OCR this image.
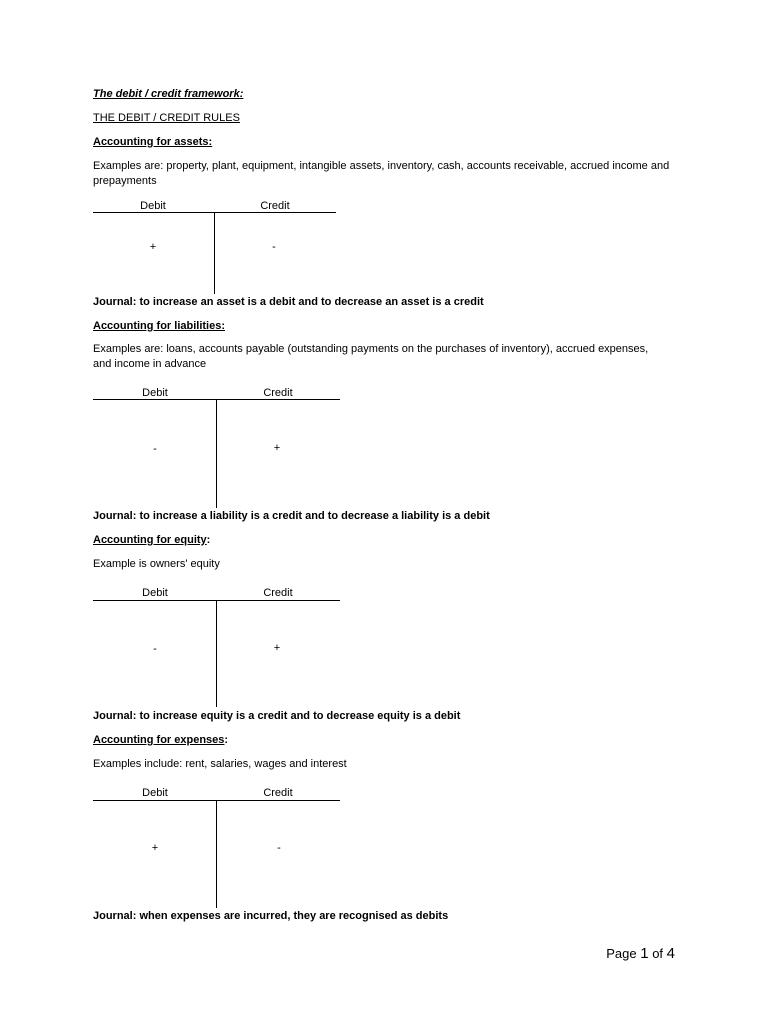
The debit / credit framework:
THE DEBIT / CREDIT RULES
Accounting for assets:
Examples are: property, plant, equipment, intangible assets, inventory, cash, accounts receivable, accrued income and prepayments
Debit	Credit
+	-
Journal: to increase an asset is a debit and to decrease an asset is a credit
Accounting for liabilities:
Examples are: loans, accounts payable (outstanding payments on the purchases of inventory), accrued expenses, and income in advance
Debit	Credit
-	+
Journal: to increase a liability is a credit and to decrease a liability is a debit
Accounting for equity:
Example is owners' equity
Debit	Credit
-	+
Journal: to increase equity is a credit and to decrease equity is a debit
Accounting for expenses:
Examples include: rent, salaries, wages and interest
Debit	Credit
+	-
Journal: when expenses are incurred, they are recognised as debits
Page 1 of 4
